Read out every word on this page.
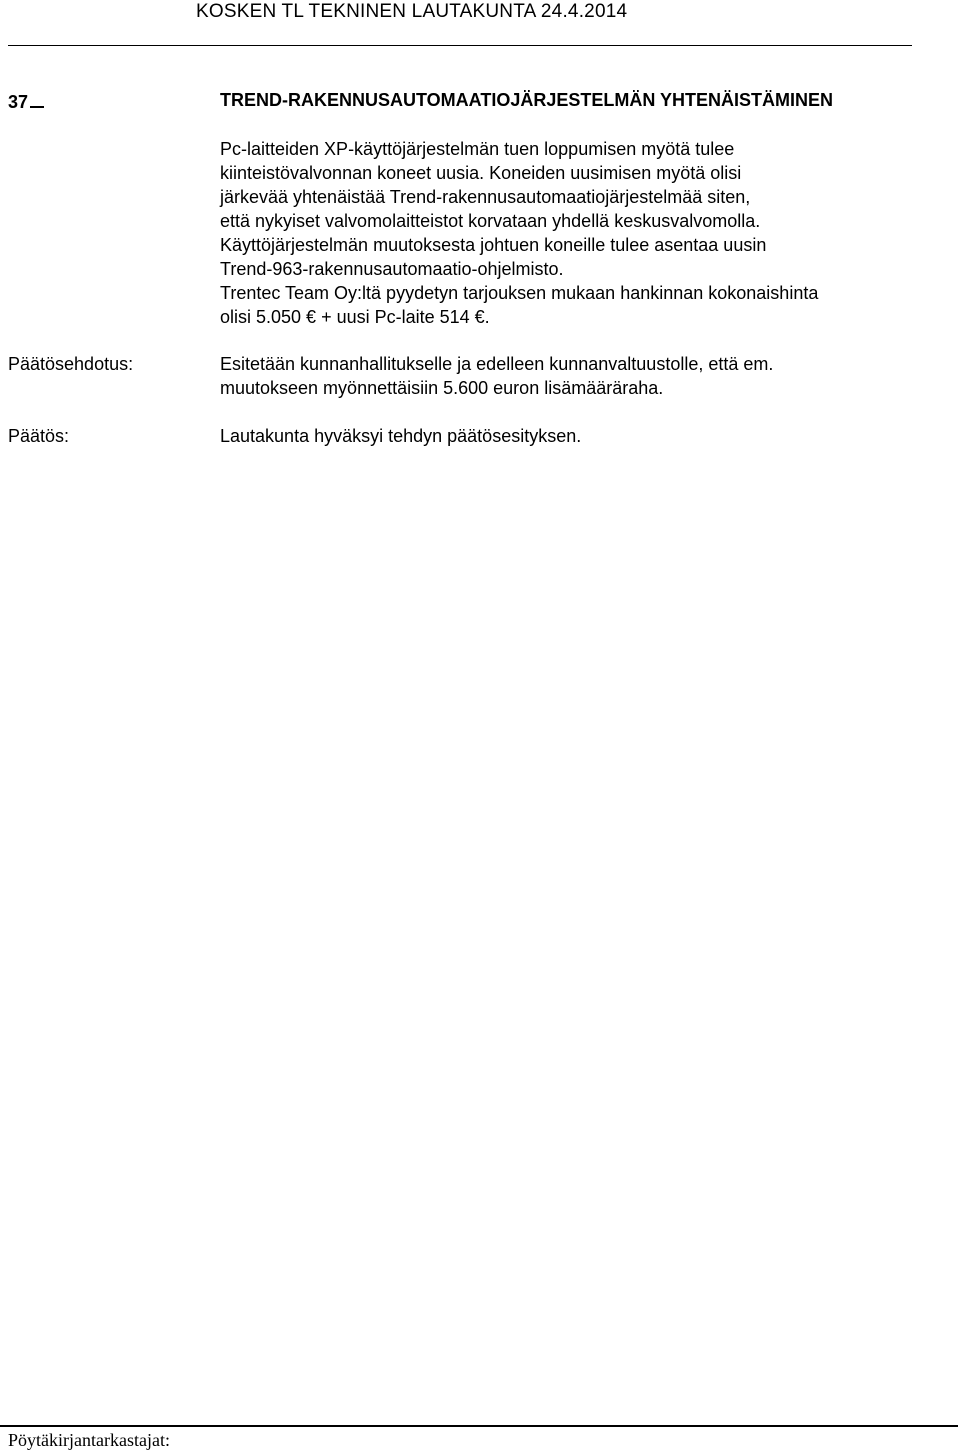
KOSKEN TL TEKNINEN LAUTAKUNTA 24.4.2014
37	TREND-RAKENNUSAUTOMAATIOJÄRJESTELMÄN YHTENÄISTÄMINEN

Pc-laitteiden XP-käyttöjärjestelmän tuen loppumisen myötä tulee

kiinteistövalvonnan koneet uusia. Koneiden uusimisen myötä olisi

järkevää yhtenäistää Trend-rakennusautomaatiojärjestelmää siten,

että nykyiset valvomolaitteistot korvataan yhdellä keskusvalvomolla.

Käyttöjärjestelmän muutoksesta johtuen koneille tulee asentaa uusin

Trend-963-rakennusautomaatio-ohjelmisto.

Trentec Team Oy:ltä pyydetyn tarjouksen mukaan hankinnan kokonaishinta

olisi 5.050 € + uusi Pc-laite 514 €.

Päätösehdotus:	Esitetään kunnanhallitukselle ja edelleen kunnanvaltuustolle, että em.

muutokseen myönnettäisiin 5.600 euron lisämääräraha.

Päätös:	Lautakunta hyväksyi tehdyn päätösesityksen.

Pöytäkirjantarkastajat:
